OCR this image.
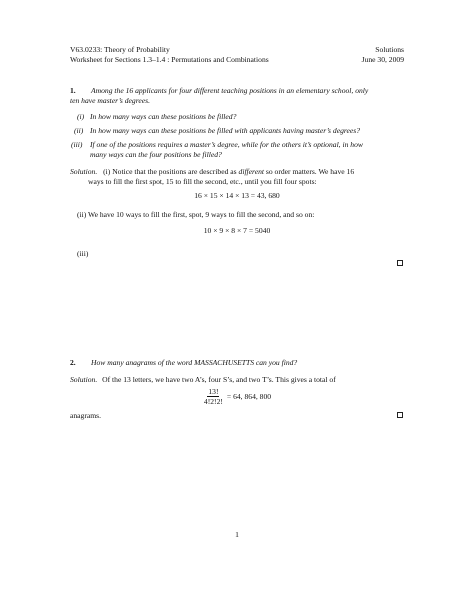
V63.0233: Theory of Probability	Solutions
Worksheet for Sections 1.3–1.4 : Permutations and Combinations	June 30, 2009
1. Among the 16 applicants for four different teaching positions in an elementary school, only
ten have master’s degrees.
(i) In how many ways can these positions be filled?
(ii) In how many ways can these positions be filled with applicants having master’s degrees?
(iii) If one of the positions requires a master’s degree, while for the others it’s optional, in how
many ways can the four positions be filled?
Solution. (i) Notice that the positions are described as different so order matters. We have 16
ways to fill the first spot, 15 to fill the second, etc., until you fill four spots:
16 × 15 × 14 × 13 = 43, 680
(ii) We have 10 ways to fill the first, spot, 9 ways to fill the second, and so on:
10 × 9 × 8 × 7 = 5040
(iii)
2. How many anagrams of the word MASSACHUSETTS can you find?
Solution. Of the 13 letters, we have two A’s, four S’s, and two T’s. This gives a total of
$\frac{13!}{4!2!2!} = 64$, 864, 800
anagrams.
1
